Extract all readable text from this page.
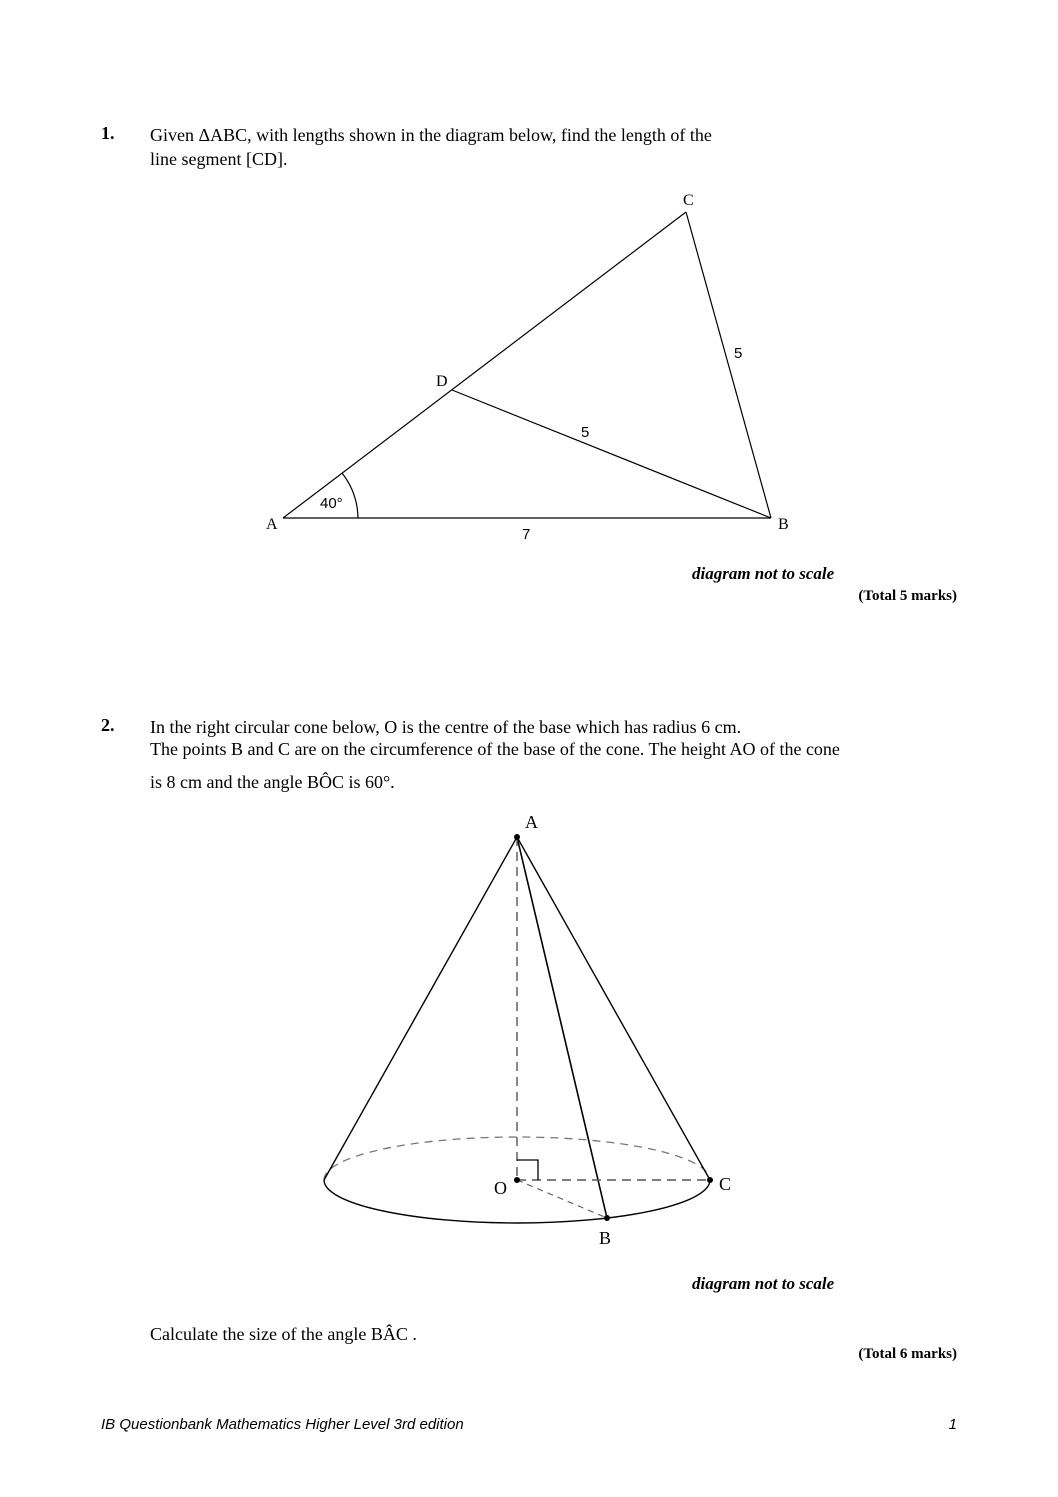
1. Given ΔABC, with lengths shown in the diagram below, find the length of the
line segment [CD].
A	B
C
D
40°
7
5
5
A
O	C
B
diagram not to scale
(Total 5 marks)
2. In the right circular cone below, O is the centre of the base which has radius 6 cm.
The points B and C are on the circumference of the base of the cone. The height AO of the cone
is 8 cm and the angle BÔC is 60°.
diagram not to scale
Calculate the size of the angle BÂC .
(Total 6 marks)
IB Questionbank Mathematics Higher Level 3rd edition	1
